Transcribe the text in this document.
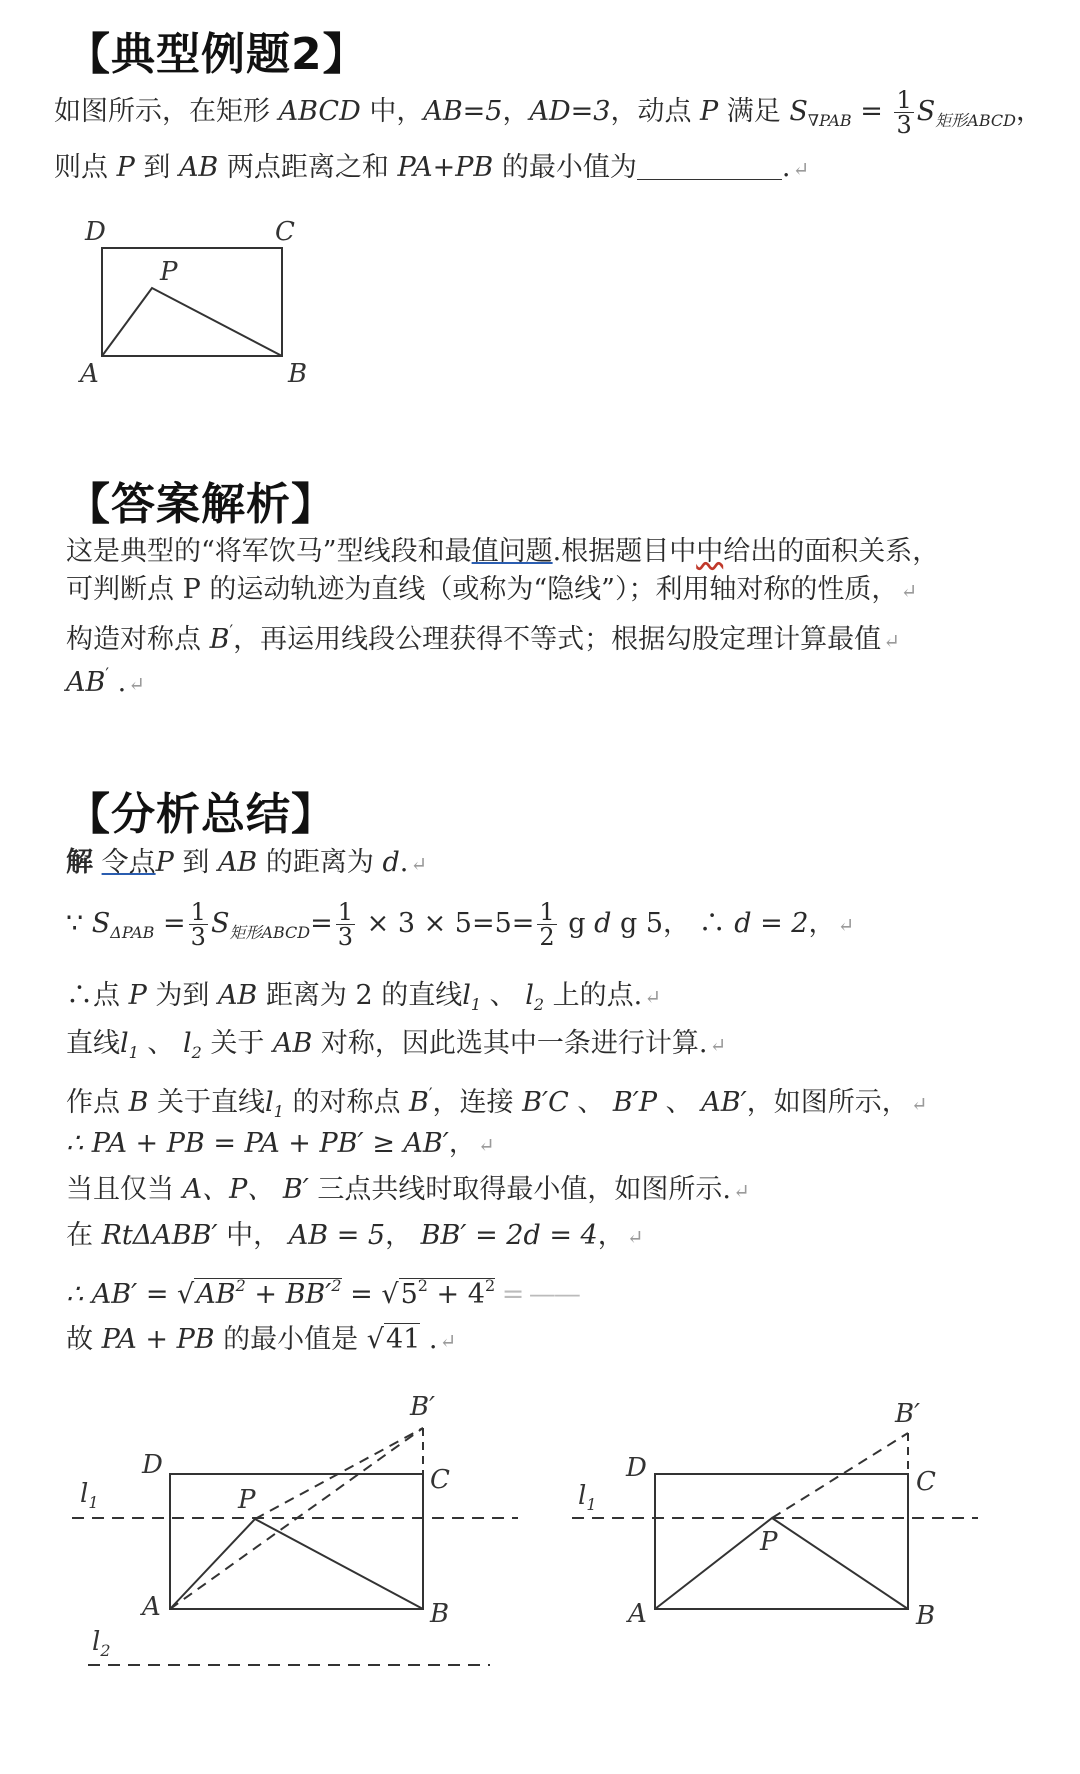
【典型例题2】
如图所示，在矩形 ABCD 中，AB=5，AD=3，动点 P 满足 $S_{\nabla PAB} = \frac{1}{3} S_{矩形ABCD}$，
则点 P 到 AB 两点距离之和 PA+PB 的最小值为	. ↵
D	C
P
A	B
【答案解析】
这是典型的“将军饮马”型线段和最值问题.根据题目中中给出的面积关系，
可判断点 P 的运动轨迹为直线（或称为“隐线”）；利用轴对称的性质， ↵
构造对称点 B′，再运用线段公理获得不等式；根据勾股定理计算最值 ↵
AB′ . ↵
【分析总结】
解 令点P 到 AB 的距离为 d. ↵
∵ $S_{\Delta PAB} = \frac{1}{3} S_{矩形ABCD}= \frac{1}{3} \times 3 \times 5=5= \frac{1}{2}$ g d g 5， ∴ d = 2， ↵
∴点 P 为到 AB 距离为 2 的直线$l_1$ 、 $l_2$ 上的点. ↵
直线$l_1$ 、 $l_2$ 关于 AB 对称，因此选其中一条进行计算. ↵
作点 B 关于直线$l_1$ 的对称点 B′，连接 B′C 、 B′P 、 AB′，如图所示， ↵
∴ PA + PB = PA + PB′ ≥ AB′， ↵
当且仅当 A、P、 B′ 三点共线时取得最小值，如图所示. ↵
在 RtΔABB′ 中， AB = 5， BB′ = 2d = 4， ↵
∴ $AB' = √AB^2 + BB'^2 = √5^2 + 4^2$ = ——
故 PA + PB 的最小值是 √41 . ↵
B′
D	C
P
A	B
$l_1$
$l_2$
B′
D	C
P
A	B
$l_1$
